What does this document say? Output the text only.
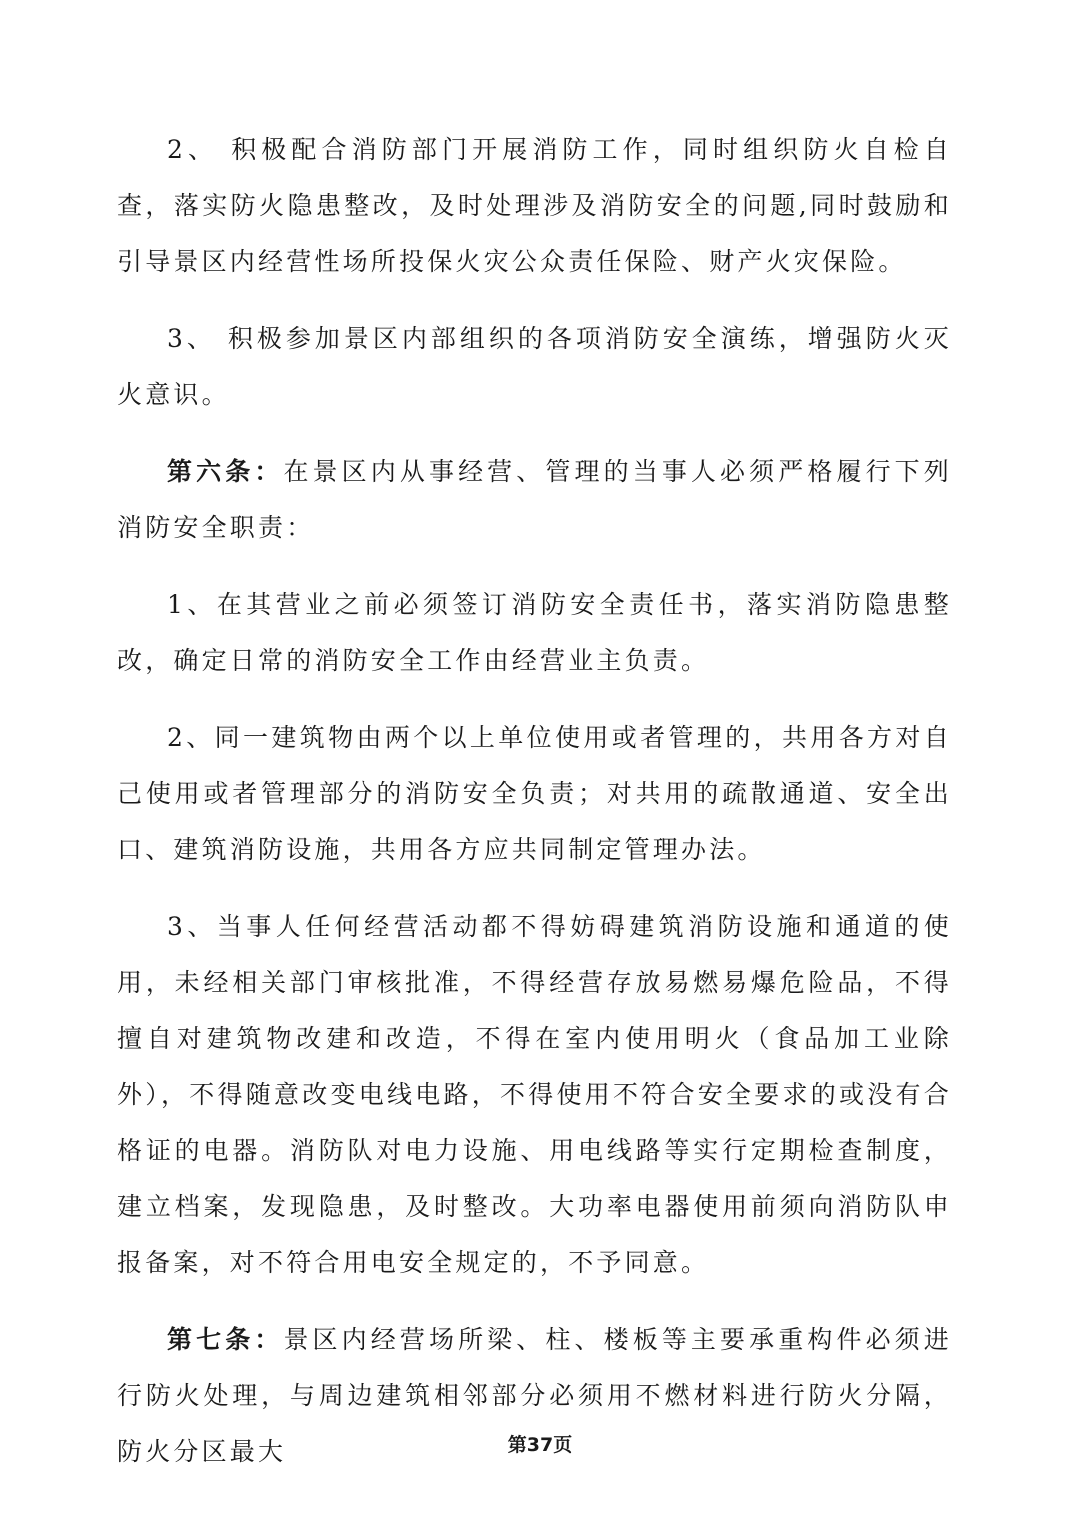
2、 积极配合消防部门开展消防工作，同时组织防火自检自查，落实防火隐患整改，及时处理涉及消防安全的问题,同时鼓励和引导景区内经营性场所投保火灾公众责任保险、财产火灾保险。

3、 积极参加景区内部组织的各项消防安全演练，增强防火灭火意识。

第六条：在景区内从事经营、管理的当事人必须严格履行下列消防安全职责：

1、在其营业之前必须签订消防安全责任书，落实消防隐患整改，确定日常的消防安全工作由经营业主负责。

2、同一建筑物由两个以上单位使用或者管理的，共用各方对自己使用或者管理部分的消防安全负责；对共用的疏散通道、安全出口、建筑消防设施，共用各方应共同制定管理办法。

3、当事人任何经营活动都不得妨碍建筑消防设施和通道的使用，未经相关部门审核批准，不得经营存放易燃易爆危险品，不得擅自对建筑物改建和改造，不得在室内使用明火（食品加工业除外），不得随意改变电线电路，不得使用不符合安全要求的或没有合格证的电器。消防队对电力设施、用电线路等实行定期检查制度，建立档案，发现隐患，及时整改。大功率电器使用前须向消防队申报备案，对不符合用电安全规定的，不予同意。

第七条：景区内经营场所梁、柱、楼板等主要承重构件必须进行防火处理，与周边建筑相邻部分必须用不燃材料进行防火分隔，防火分区最大	第37页
